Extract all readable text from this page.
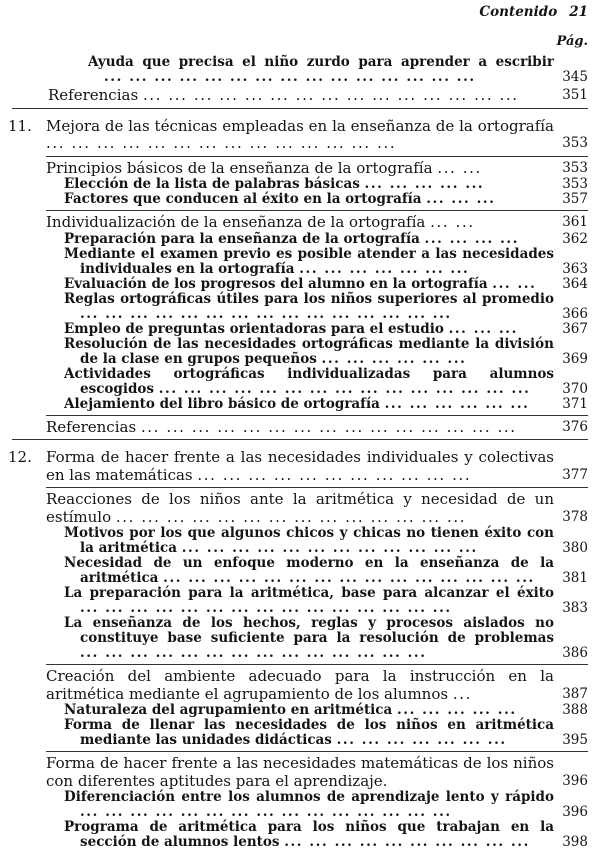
Contenido 21
Pág.
Ayuda que precisa el niño zurdo para aprender a escribir ... ... ... ... ... ... ... ... ... ... ... ... ... ... ...	345
Referencias ... ... ... ... ... ... ... ... ... ... ... ... ... ... ...	351
11. Mejora de las técnicas empleadas en la enseñanza de la ortografía ... ... ... ... ... ... ... ... ... ... ... ... ... ...	353
Principios básicos de la enseñanza de la ortografía ... ...	353
Elección de la lista de palabras básicas ... ... ... ... ...	353
Factores que conducen al éxito en la ortografía ... ... ...	357
Individualización de la enseñanza de la ortografía ... ...	361
Preparación para la enseñanza de la ortografía ... ... ... ...	362
Mediante el examen previo es posible atender a las necesidades individuales en la ortografía ... ... ... ... ... ... ...	363
Evaluación de los progresos del alumno en la ortografía ... ...	364
Reglas ortográficas útiles para los niños superiores al promedio ... ... ... ... ... ... ... ... ... ... ... ... ... ... ...	366
Empleo de preguntas orientadoras para el estudio ... ... ...	367
Resolución de las necesidades ortográficas mediante la división de la clase en grupos pequeños ... ... ... ... ... ...	369
Actividades ortográficas individualizadas para alumnos escogidos ... ... ... ... ... ... ... ... ... ... ... ... ... ... ...	370
Alejamiento del libro básico de ortografía ... ... ... ... ... ...	371
Referencias ... ... ... ... ... ... ... ... ... ... ... ... ... ... ...	376
12. Forma de hacer frente a las necesidades individuales y colectivas en las matemáticas ... ... ... ... ... ... ... ... ... ... ...	377
Reacciones de los niños ante la aritmética y necesidad de un estímulo ... ... ... ... ... ... ... ... ... ... ... ... ... ...	378
Motivos por los que algunos chicos y chicas no tienen éxito con la aritmética ... ... ... ... ... ... ... ... ... ... ... ...	380
Necesidad de un enfoque moderno en la enseñanza de la aritmética ... ... ... ... ... ... ... ... ... ... ... ... ... ... ...	381
La preparación para la aritmética, base para alcanzar el éxito ... ... ... ... ... ... ... ... ... ... ... ... ... ... ...	383
La enseñanza de los hechos, reglas y procesos aislados no constituye base suficiente para la resolución de problemas ... ... ... ... ... ... ... ... ... ... ... ... ... ...	386
Creación del ambiente adecuado para la instrucción en la aritmética mediante el agrupamiento de los alumnos ...	387
Naturaleza del agrupamiento en aritmética ... ... ... ... ...	388
Forma de llenar las necesidades de los niños en aritmética mediante las unidades didácticas ... ... ... ... ... ... ...	395
Forma de hacer frente a las necesidades matemáticas de los niños con diferentes aptitudes para el aprendizaje.	396
Diferenciación entre los alumnos de aprendizaje lento y rápido ... ... ... ... ... ... ... ... ... ... ... ... ... ... ...	396
Programa de aritmética para los niños que trabajan en la sección de alumnos lentos ... ... ... ... ... ... ... ... ... ...	398
